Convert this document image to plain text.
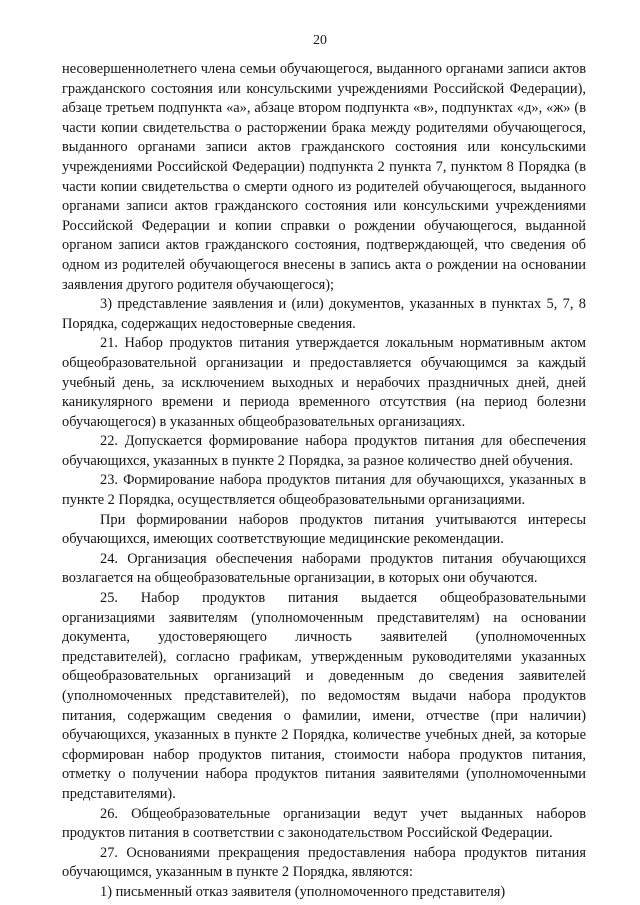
20

несовершеннолетнего члена семьи обучающегося, выданного органами записи актов гражданского состояния или консульскими учреждениями Российской Федерации), абзаце третьем подпункта «а», абзаце втором подпункта «в», подпунктах «д», «ж» (в части копии свидетельства о расторжении брака между родителями обучающегося, выданного органами записи актов гражданского состояния или консульскими учреждениями Российской Федерации) подпункта 2 пункта 7, пунктом 8 Порядка (в части копии свидетельства о смерти одного из родителей обучающегося, выданного органами записи актов гражданского состояния или консульскими учреждениями Российской Федерации и копии справки о рождении обучающегося, выданной органом записи актов гражданского состояния, подтверждающей, что сведения об одном из родителей обучающегося внесены в запись акта о рождении на основании заявления другого родителя обучающегося);

3) представление заявления и (или) документов, указанных в пунктах 5, 7, 8 Порядка, содержащих недостоверные сведения.

21. Набор продуктов питания утверждается локальным нормативным актом общеобразовательной организации и предоставляется обучающимся за каждый учебный день, за исключением выходных и нерабочих праздничных дней, дней каникулярного времени и периода временного отсутствия (на период болезни обучающегося) в указанных общеобразовательных организациях.

22. Допускается формирование набора продуктов питания для обеспечения обучающихся, указанных в пункте 2 Порядка, за разное количество дней обучения.

23. Формирование набора продуктов питания для обучающихся, указанных в пункте 2 Порядка, осуществляется общеобразовательными организациями.

При формировании наборов продуктов питания учитываются интересы обучающихся, имеющих соответствующие медицинские рекомендации.

24. Организация обеспечения наборами продуктов питания обучающихся возлагается на общеобразовательные организации, в которых они обучаются.

25. Набор продуктов питания выдается общеобразовательными организациями заявителям (уполномоченным представителям) на основании документа, удостоверяющего личность заявителей (уполномоченных представителей), согласно графикам, утвержденным руководителями указанных общеобразовательных организаций и доведенным до сведения заявителей (уполномоченных представителей), по ведомостям выдачи набора продуктов питания, содержащим сведения о фамилии, имени, отчестве (при наличии) обучающихся, указанных в пункте 2 Порядка, количестве учебных дней, за которые сформирован набор продуктов питания, стоимости набора продуктов питания, отметку о получении набора продуктов питания заявителями (уполномоченными представителями).

26. Общеобразовательные организации ведут учет выданных наборов продуктов питания в соответствии с законодательством Российской Федерации.

27. Основаниями прекращения предоставления набора продуктов питания обучающимся, указанным в пункте 2 Порядка, являются:

1) письменный отказ заявителя (уполномоченного представителя)
